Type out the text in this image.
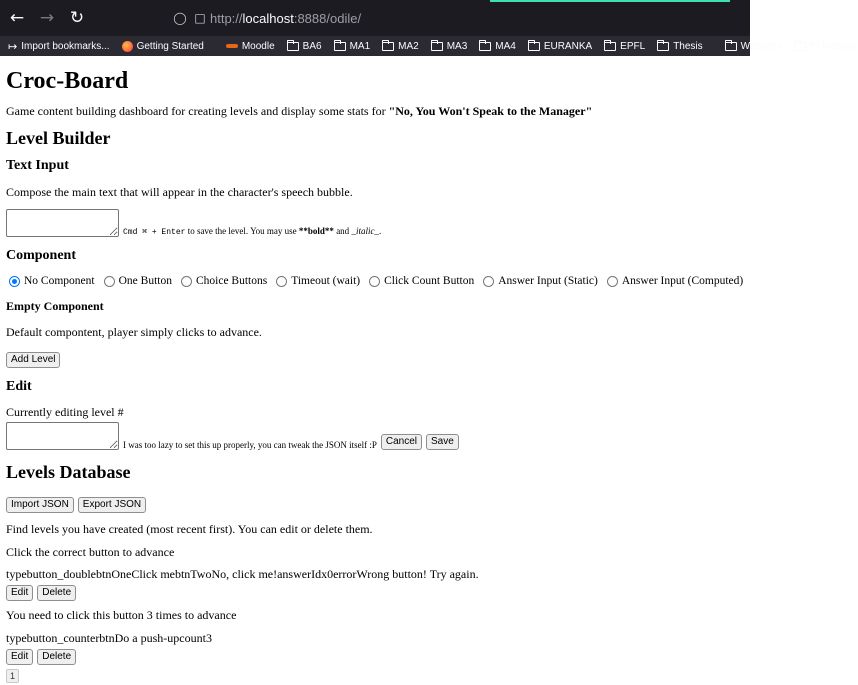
← → ↻	◯ □ http:// localhost :8888/odile/
↦ Import bookmarks...	Getting Started	Moodle	BA6	MA1	MA2	MA3	MA4	EURANKA	EPFL	Thesis	Websites	PI Website
Croc-Board

Game content building dashboard for creating levels and display some stats for "No, You Won't Speak to the Manager"

Level Builder
Text Input

Compose the main text that will appear in the character's speech bubble.

Cmd ⌘ + Enter to save the level. You may use **bold** and _italic_.
Component
No Component One Button Choice Buttons Timeout (wait) Click Count Button Answer Input (Static) Answer Input (Computed)
Empty Component

Default compontent, player simply clicks to advance.

Add Level
Edit

Currently editing level #

I was too lazy to set this up properly, you can tweak the JSON itself :P Cancel Save
Levels Database
Import JSON Export JSON

Find levels you have created (most recent first). You can edit or delete them.

Click the correct button to advance

typebutton_doublebtnOneClick mebtnTwoNo, click me!answerIdx0errorWrong button! Try again.

Edit Delete

You need to click this button 3 times to advance

typebutton_counterbtnDo a push-upcount3

Edit Delete
1
